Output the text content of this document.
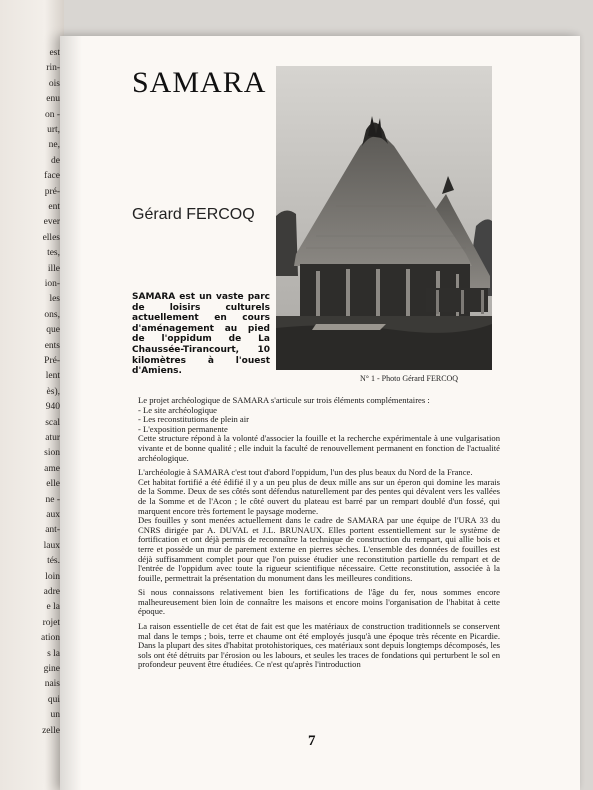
est
rin-
ois
enu
on -
urt,
ne,
de
face
pré-
ent
ever
elles
tes,
ille
ion-
les
ons,
que
ents
Pré-
lent
ès),
940
scal
atur
sion
ame
elle
ne -
aux
ant-
laux
tés.
loin
adre
e la
rojet
ation
s la
gine
nais
qui
un
zelle
SAMARA
Gérard FERCOQ
SAMARA est un vaste parc de loisirs culturels actuellement en cours d'aménagement au pied de l'oppidum de La Chaussée-Tirancourt, 10 kilomètres à l'ouest d'Amiens.
N° 1 - Photo Gérard FERCOQ

Le projet archéologique de SAMARA s'articule sur trois éléments complémentaires :

- Le site archéologique
- Les reconstitutions de plein air
- L'exposition permanente

Cette structure répond à la volonté d'associer la fouille et la recherche expérimentale à une vulgarisation vivante et de bonne qualité ; elle induit la faculté de renouvellement permanent en fonction de l'actualité archéologique.

L'archéologie à SAMARA c'est tout d'abord l'oppidum, l'un des plus beaux du Nord de la France.

Cet habitat fortifié a été édifié il y a un peu plus de deux mille ans sur un éperon qui domine les marais de la Somme. Deux de ses côtés sont défendus naturellement par des pentes qui dévalent vers les vallées de la Somme et de l'Acon ; le côté ouvert du plateau est barré par un rempart doublé d'un fossé, qui marquent encore très fortement le paysage moderne.

Des fouilles y sont menées actuellement dans le cadre de SAMARA par une équipe de l'URA 33 du CNRS dirigée par A. DUVAL et J.L. BRUNAUX. Elles portent essentiellement sur le système de fortification et ont déjà permis de reconnaître la technique de construction du rempart, qui allie bois et terre et possède un mur de parement externe en pierres sèches. L'ensemble des données de fouilles est déjà suffisamment complet pour que l'on puisse étudier une reconstitution partielle du rempart et de l'entrée de l'oppidum avec toute la rigueur scientifique nécessaire. Cette reconstitution, associée à la fouille, permettrait la présentation du monument dans les meilleures conditions.

Si nous connaissons relativement bien les fortifications de l'âge du fer, nous sommes encore malheureusement bien loin de connaître les maisons et encore moins l'organisation de l'habitat à cette époque.

La raison essentielle de cet état de fait est que les matériaux de construction traditionnels se conservent mal dans le temps ; bois, terre et chaume ont été employés jusqu'à une époque très récente en Picardie. Dans la plupart des sites d'habitat protohistoriques, ces matériaux sont depuis longtemps décomposés, les sols ont été détruits par l'érosion ou les labours, et seules les traces de fondations qui perturbent le sol en profondeur peuvent être étudiées. Ce n'est qu'après l'introduction

7
